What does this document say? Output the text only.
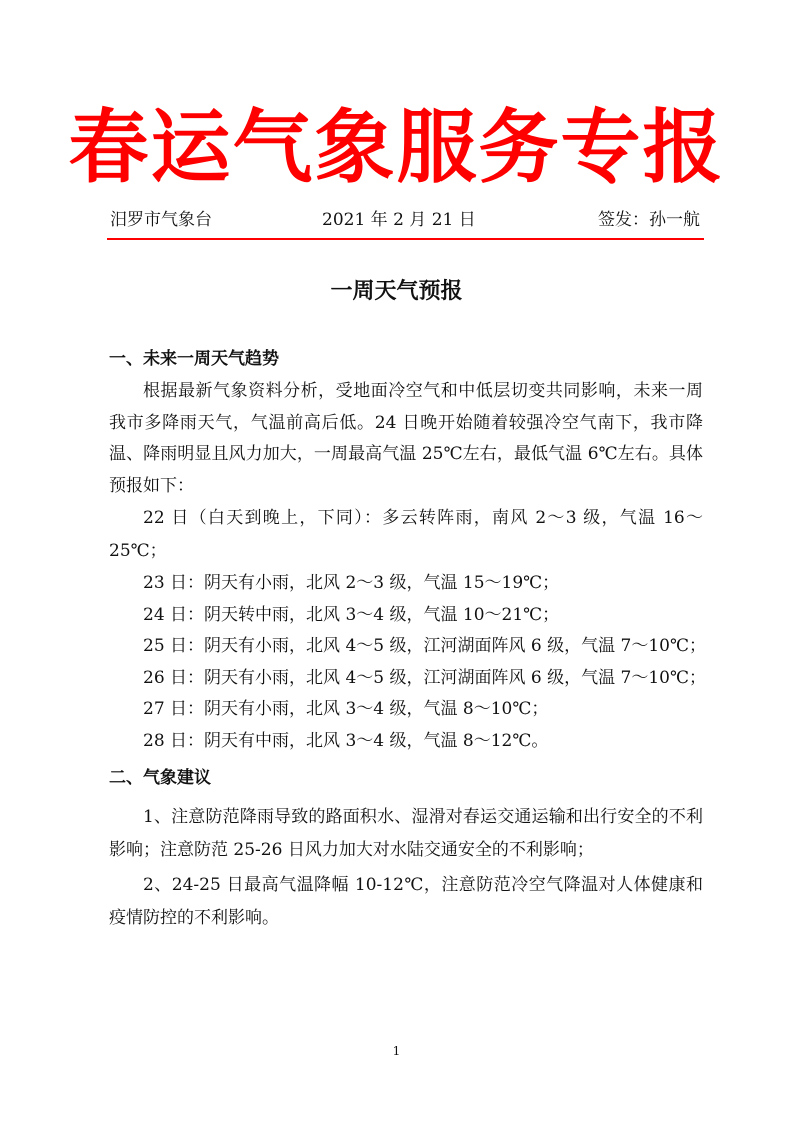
春运气象服务专报
汨罗市气象台	2021 年 2 月 21 日	签发：孙一航
一周天气预报

一、未来一周天气趋势

根据最新气象资料分析，受地面冷空气和中低层切变共同影响，未来一周我市多降雨天气，气温前高后低。24 日晚开始随着较强冷空气南下，我市降温、降雨明显且风力加大，一周最高气温 25℃左右，最低气温 6℃左右。具体预报如下：

22 日（白天到晚上，下同）：多云转阵雨，南风 2～3 级，气温 16～25℃；

23 日：阴天有小雨，北风 2～3 级，气温 15～19℃；

24 日：阴天转中雨，北风 3～4 级，气温 10～21℃；

25 日：阴天有小雨，北风 4～5 级，江河湖面阵风 6 级，气温 7～10℃；

26 日：阴天有小雨，北风 4～5 级，江河湖面阵风 6 级，气温 7～10℃；

27 日：阴天有小雨，北风 3～4 级，气温 8～10℃；

28 日：阴天有中雨，北风 3～4 级，气温 8～12℃。

二、气象建议

1、注意防范降雨导致的路面积水、湿滑对春运交通运输和出行安全的不利影响；注意防范 25-26 日风力加大对水陆交通安全的不利影响；

2、24-25 日最高气温降幅 10-12℃，注意防范冷空气降温对人体健康和疫情防控的不利影响。

1
